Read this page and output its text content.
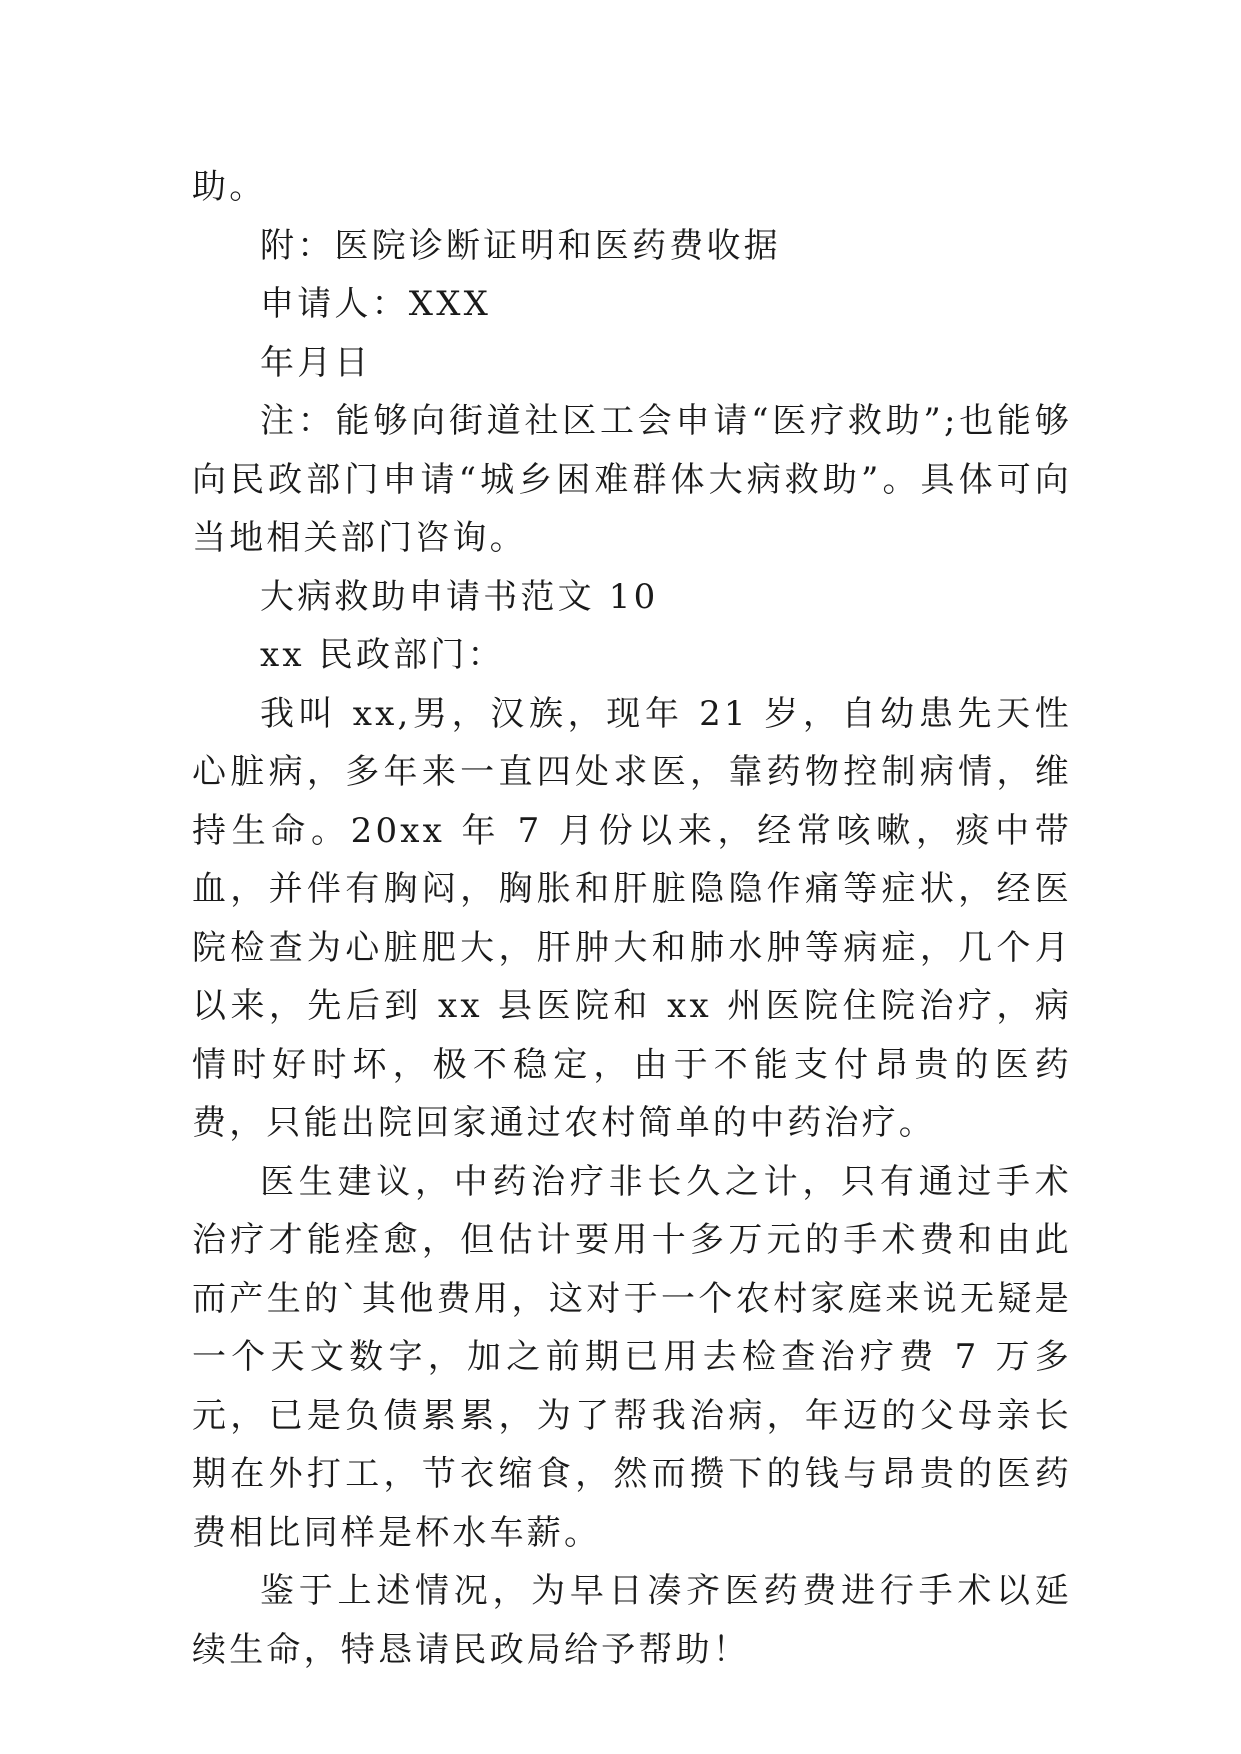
助。

附：医院诊断证明和医药费收据

申请人：XXX

年月日

注：能够向街道社区工会申请“医疗救助”;也能够向民政部门申请“城乡困难群体大病救助”。具体可向当地相关部门咨询。

大病救助申请书范文 10

xx 民政部门：

我叫 xx,男，汉族，现年 21 岁，自幼患先天性心脏病，多年来一直四处求医，靠药物控制病情，维持生命。20xx 年 7 月份以来，经常咳嗽，痰中带血，并伴有胸闷，胸胀和肝脏隐隐作痛等症状，经医院检查为心脏肥大，肝肿大和肺水肿等病症，几个月以来，先后到 xx 县医院和 xx 州医院住院治疗，病情时好时坏，极不稳定，由于不能支付昂贵的医药费，只能出院回家通过农村简单的中药治疗。

医生建议，中药治疗非长久之计，只有通过手术治疗才能痊愈，但估计要用十多万元的手术费和由此而产生的`其他费用，这对于一个农村家庭来说无疑是一个天文数字，加之前期已用去检查治疗费 7 万多元，已是负债累累，为了帮我治病，年迈的父母亲长期在外打工，节衣缩食，然而攒下的钱与昂贵的医药费相比同样是杯水车薪。

鉴于上述情况，为早日凑齐医药费进行手术以延续生命，特恳请民政局给予帮助！
